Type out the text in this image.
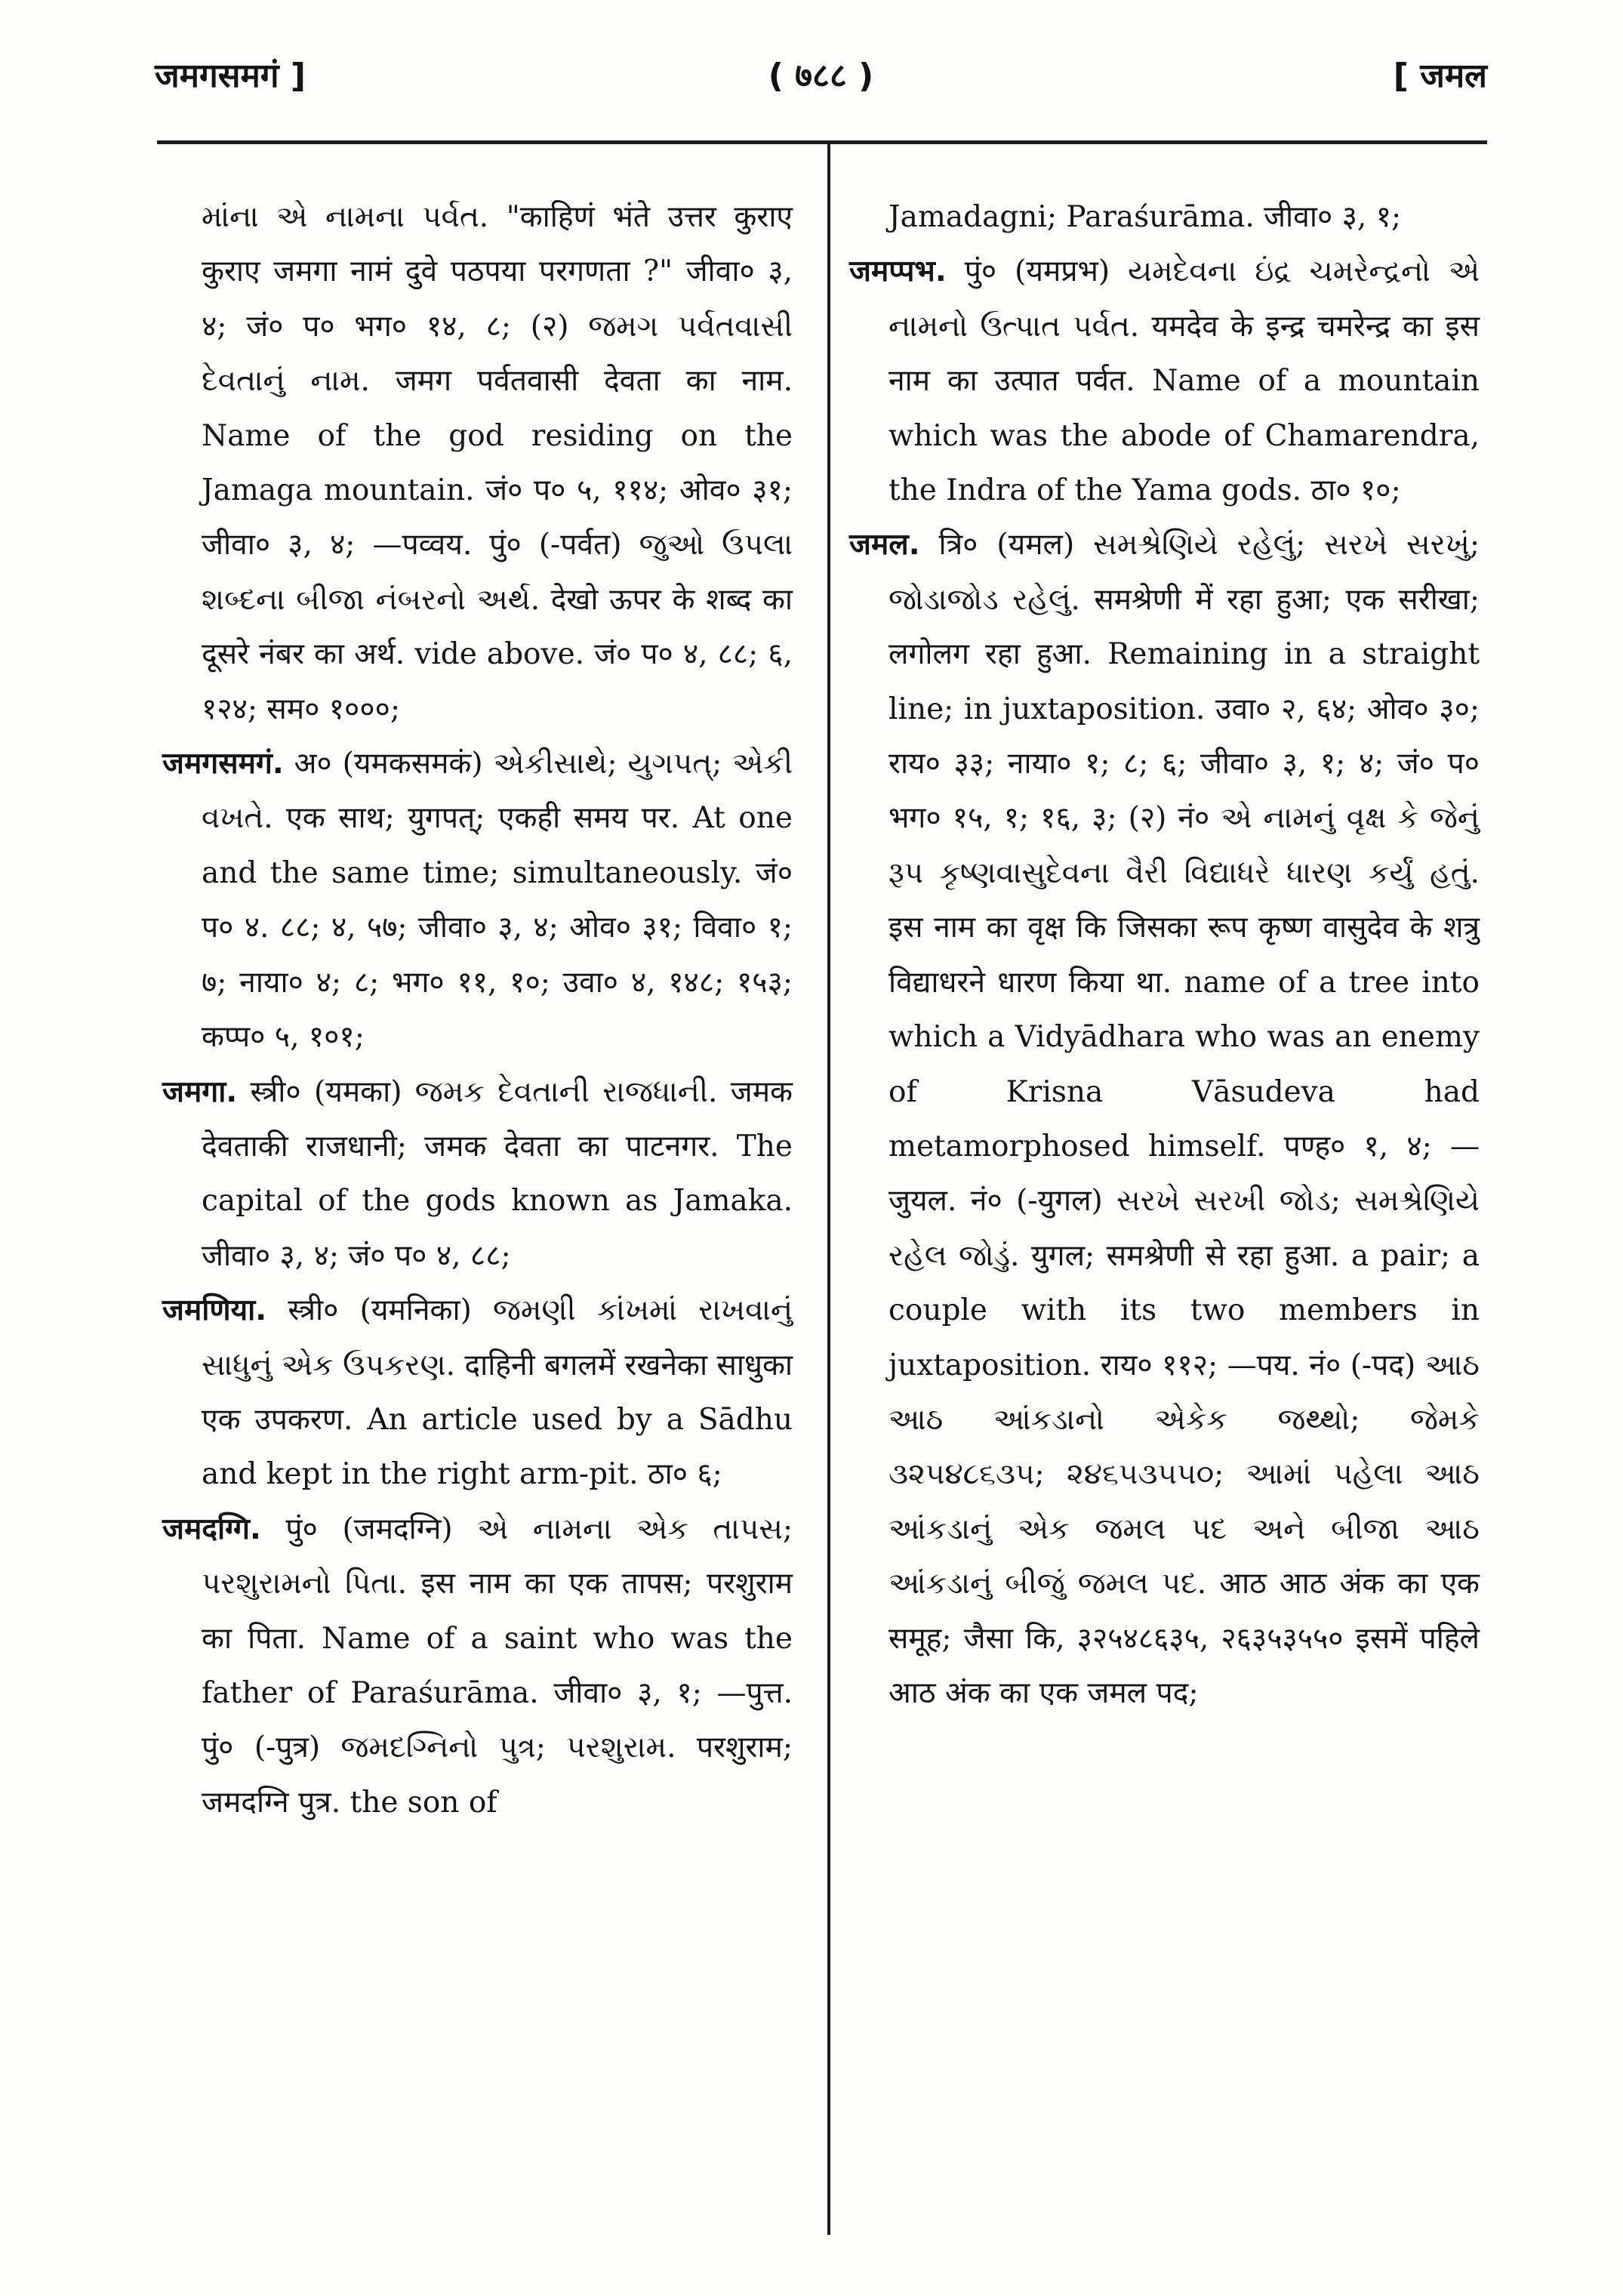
जमगसमगं ]	( ७८८ )	[ जमल

માંના એ નામના પર્વત. "काहिणं भंते उत्तर कुराए कुराए जमगा नामं दुवे पठपया परगणता ?" जीवा० ३, ४; जं० प० भग० १४, ८; (२) જમગ પર્વતવાસી દેવતાનું નામ. जमग पर्वतवासी देवता का नाम. Name of the god residing on the Jamaga mountain. जं० प० ५, ११४; ओव० ३१; जीवा० ३, ४; —पव्वय. पुं० (-पर्वत) જુઓ ઉપલા શબ્દના બીજા નંબરનો અર્થ. देखो ऊपर के शब्द का दूसरे नंबर का अर्थ. vide above. जं० प० ४, ८८; ६, १२४; सम० १०००;

जमगसमगं. अ० (यमकसमकं) એકીસાથે; યુગપત્; એકી વખતે. एक साथ; युगपत्; एकही समय पर. At one and the same time; simultaneously. जं० प० ४. ८८; ४, ५७; जीवा० ३, ४; ओव० ३१; विवा० १; ७; नाया० ४; ८; भग० ११, १०; उवा० ४, १४८; १५३; कप्प० ५, १०१;

जमगा. स्त्री० (यमका) જમક દેવતાની રાજધાની. जमक देवताकी राजधानी; जमक देवता का पाटनगर. The capital of the gods known as Jamaka. जीवा० ३, ४; जं० प० ४, ८८;

जमणिया. स्त्री० (यमनिका) જમણી કાંખમાં રાખવાનું સાધુનું એક ઉપકરણ. दाहिनी बगलमें रखनेका साधुका एक उपकरण. An article used by a Sādhu and kept in the right arm-pit. ठा० ६;

जमदग्गि. पुं० (जमदग्नि) એ નામના એક તાપસ; પરશુરામનો પિતા. इस नाम का एक तापस; परशुराम का पिता. Name of a saint who was the father of Paraśurāma. जीवा० ३, १; —पुत्त. पुं० (-पुत्र) જમદગ્નિનો પુત્ર; પરશુરામ. परशुराम; जमदग्नि पुत्र. the son of

Jamadagni; Paraśurāma. जीवा० ३, १;

जमप्पभ. पुं० (यमप्रभ) યમદેવના ઇંદ્ર ચમરેન્દ્રનો એ નામનો ઉત્પાત પર્વત. यमदेव के इन्द्र चमरेन्द्र का इस नाम का उत्पात पर्वत. Name of a mountain which was the abode of Chamarendra, the Indra of the Yama gods. ठा० १०;

जमल. त्रि० (यमल) સમશ્રેણિયે રહેલું; સરખે સરખું; જોડાજોડ રહેલું. समश्रेणी में रहा हुआ; एक सरीखा; लगोलग रहा हुआ. Remaining in a straight line; in juxtaposition. उवा० २, ६४; ओव० ३०; राय० ३३; नाया० १; ८; ६; जीवा० ३, १; ४; जं० प० भग० १५, १; १६, ३; (२) नं० એ નામનું વૃક્ષ કે જેનું રૂપ કૃષ્ણવાસુદેવના વૈરી વિદ્યાધરે ધારણ કર્યું હતું. इस नाम का वृक्ष कि जिसका रूप कृष्ण वासुदेव के शत्रु विद्याधरने धारण किया था. name of a tree into which a Vidyādhara who was an enemy of Krisna Vāsudeva had metamorphosed himself. पण्ह० १, ४; —जुयल. नं० (-युगल) સરખે સરખી જોડ; સમશ્રેણિયે રહેલ જોડું. युगल; समश्रेणी से रहा हुआ. a pair; a couple with its two members in juxtaposition. राय० ११२; —पय. नं० (-पद) આઠ આઠ આંકડાનો એકેક જથ્થો; જેમકે ૩૨૫૪૮૬૩૫; ૨૪૬૫૩૫૫૦; આમાં પહેલા આઠ આંકડાનું એક જમલ પદ અને બીજા આઠ આંકડાનું બીજું જમલ પદ. आठ आठ अंक का एक समूह; जैसा कि, ३२५४८६३५, २६३५३५५० इसमें पहिले आठ अंक का एक जमल पद;
